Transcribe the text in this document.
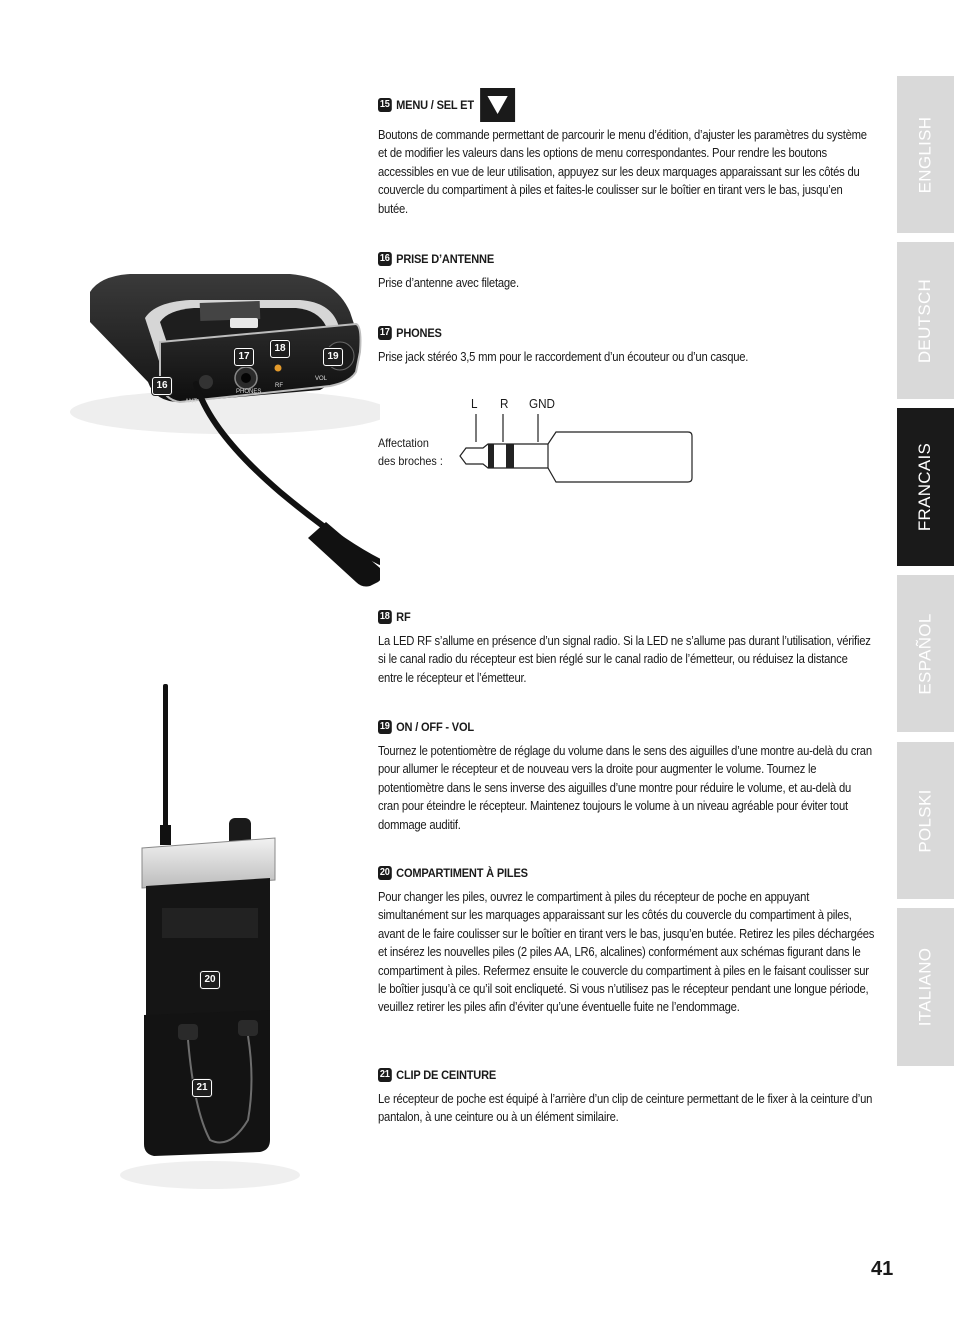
ENGLISH
DEUTSCH
FRANCAIS
ESPAÑOL
POLSKI
ITALIANO
15 MENU / SEL ET

Boutons de commande permettant de parcourir le menu d’édition, d’ajuster les paramètres du système et de modifier les valeurs dans les options de menu correspondantes. Pour rendre les boutons accessibles en vue de leur utilisation, appuyez sur les deux marquages apparaissant sur les côtés du couvercle du compartiment à piles et faites-le coulisser sur le boîtier en tirant vers le bas, jusqu’en butée.

16 PRISE D’ANTENNE

Prise d’antenne avec filetage.

17 PHONES

Prise jack stéréo 3,5 mm pour le raccordement d’un écouteur ou d’un casque.

Affectation
des broches :
L R GND
18 RF

La LED RF s’allume en présence d’un signal radio. Si la LED ne s’allume pas durant l’utilisation, vérifiez si le canal radio du récepteur est bien réglé sur le canal radio de l’émetteur, ou réduisez la distance entre le récepteur et l’émetteur.

19 ON / OFF - VOL

Tournez le potentiomètre de réglage du volume dans le sens des aiguilles d’une montre au-delà du cran pour allumer le récepteur et de nouveau vers la droite pour augmenter le volume. Tournez le potentiomètre dans le sens inverse des aiguilles d’une montre pour réduire le volume, et au-delà du cran pour éteindre le récepteur. Maintenez toujours le volume à un niveau agréable pour éviter tout dommage auditif.

20 COMPARTIMENT À PILES

Pour changer les piles, ouvrez le compartiment à piles du récepteur de poche en appuyant simultanément sur les marquages apparaissant sur les côtés du couvercle du compartiment à piles, avant de le faire coulisser sur le boîtier en tirant vers le bas, jusqu’en butée. Retirez les piles déchargées et insérez les nouvelles piles (2 piles AA, LR6, alcalines) conformément aux schémas figurant dans le compartiment à piles. Refermez ensuite le couvercle du compartiment à piles en le faisant coulisser sur le boîtier jusqu’à ce qu’il soit encliqueté. Si vous n’utilisez pas le récepteur pendant une longue période, veuillez retirer les piles afin d’éviter qu’une éventuelle fuite ne l’endommage.

21 CLIP DE CEINTURE

Le récepteur de poche est équipé à l’arrière d’un clip de ceinture permettant de le fixer à la ceinture d’un pantalon, à une ceinture ou à un élément similaire.

16
17
18
19
ANT
PHONES
RF
VOL
20
21
41
